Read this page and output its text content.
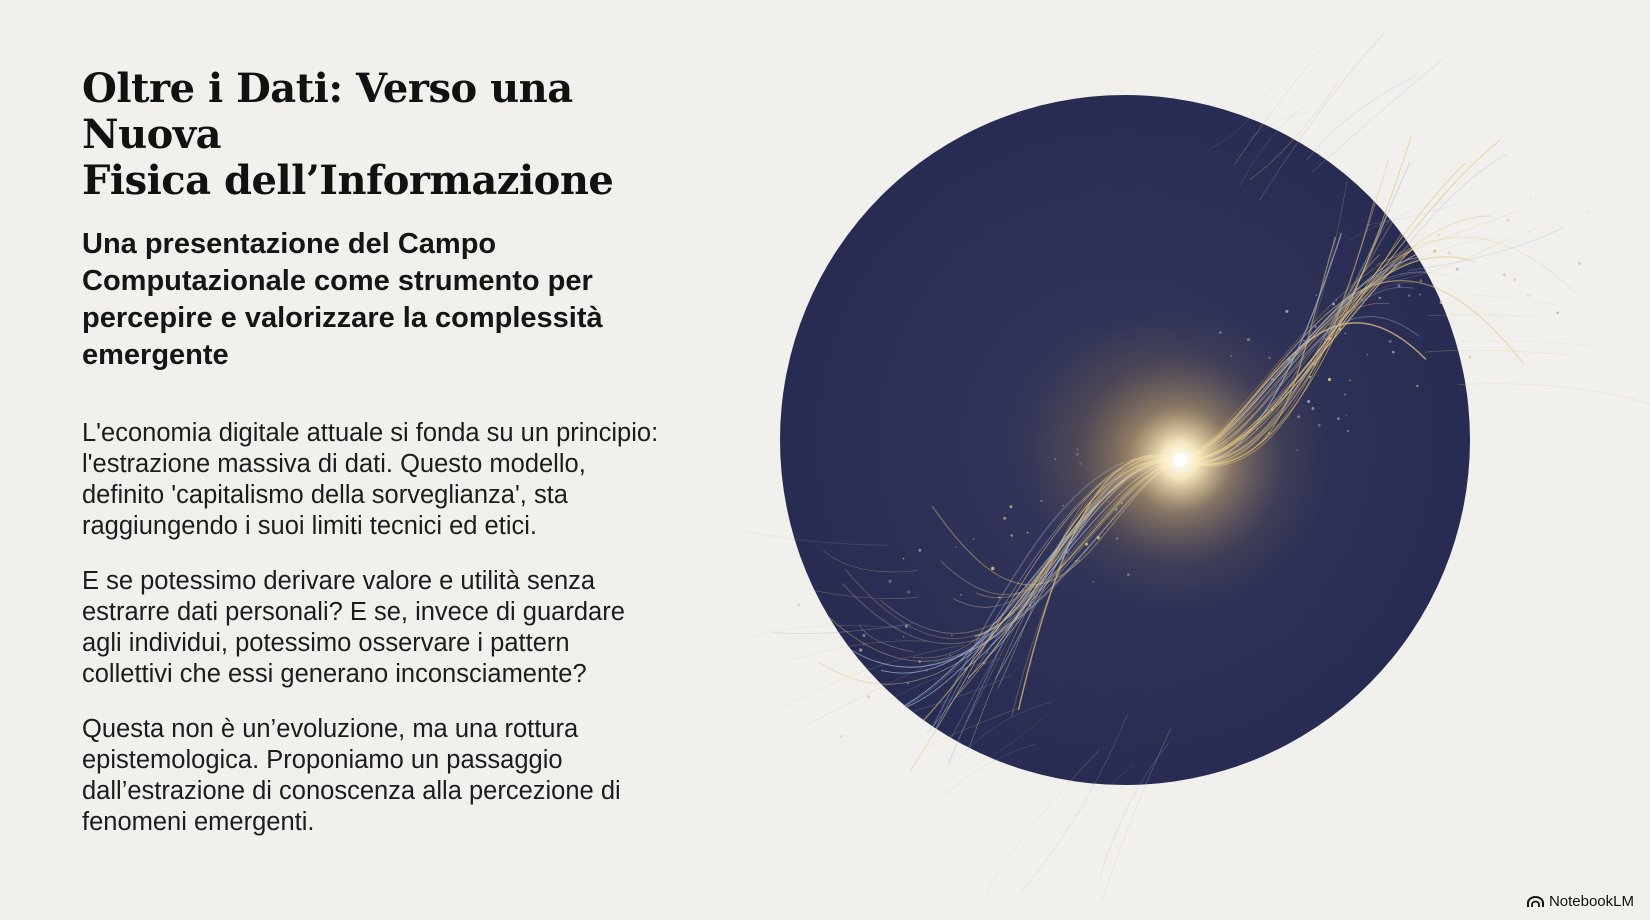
Oltre i Dati: Verso una Nuova
Fisica dell’Informazione

Una presentazione del Campo Computazionale come strumento per percepire e valorizzare la complessità emergente

L'economia digitale attuale si fonda su un principio: l'estrazione massiva di dati. Questo modello, definito 'capitalismo della sorveglianza', sta raggiungendo i suoi limiti tecnici ed etici.

E se potessimo derivare valore e utilità senza estrarre dati personali? E se, invece di guardare agli individui, potessimo osservare i pattern collettivi che essi generano inconsciamente?

Questa non è un’evoluzione, ma una rottura epistemologica. Proponiamo un passaggio dall’estrazione di conoscenza alla percezione di fenomeni emergenti.

NotebookLM
